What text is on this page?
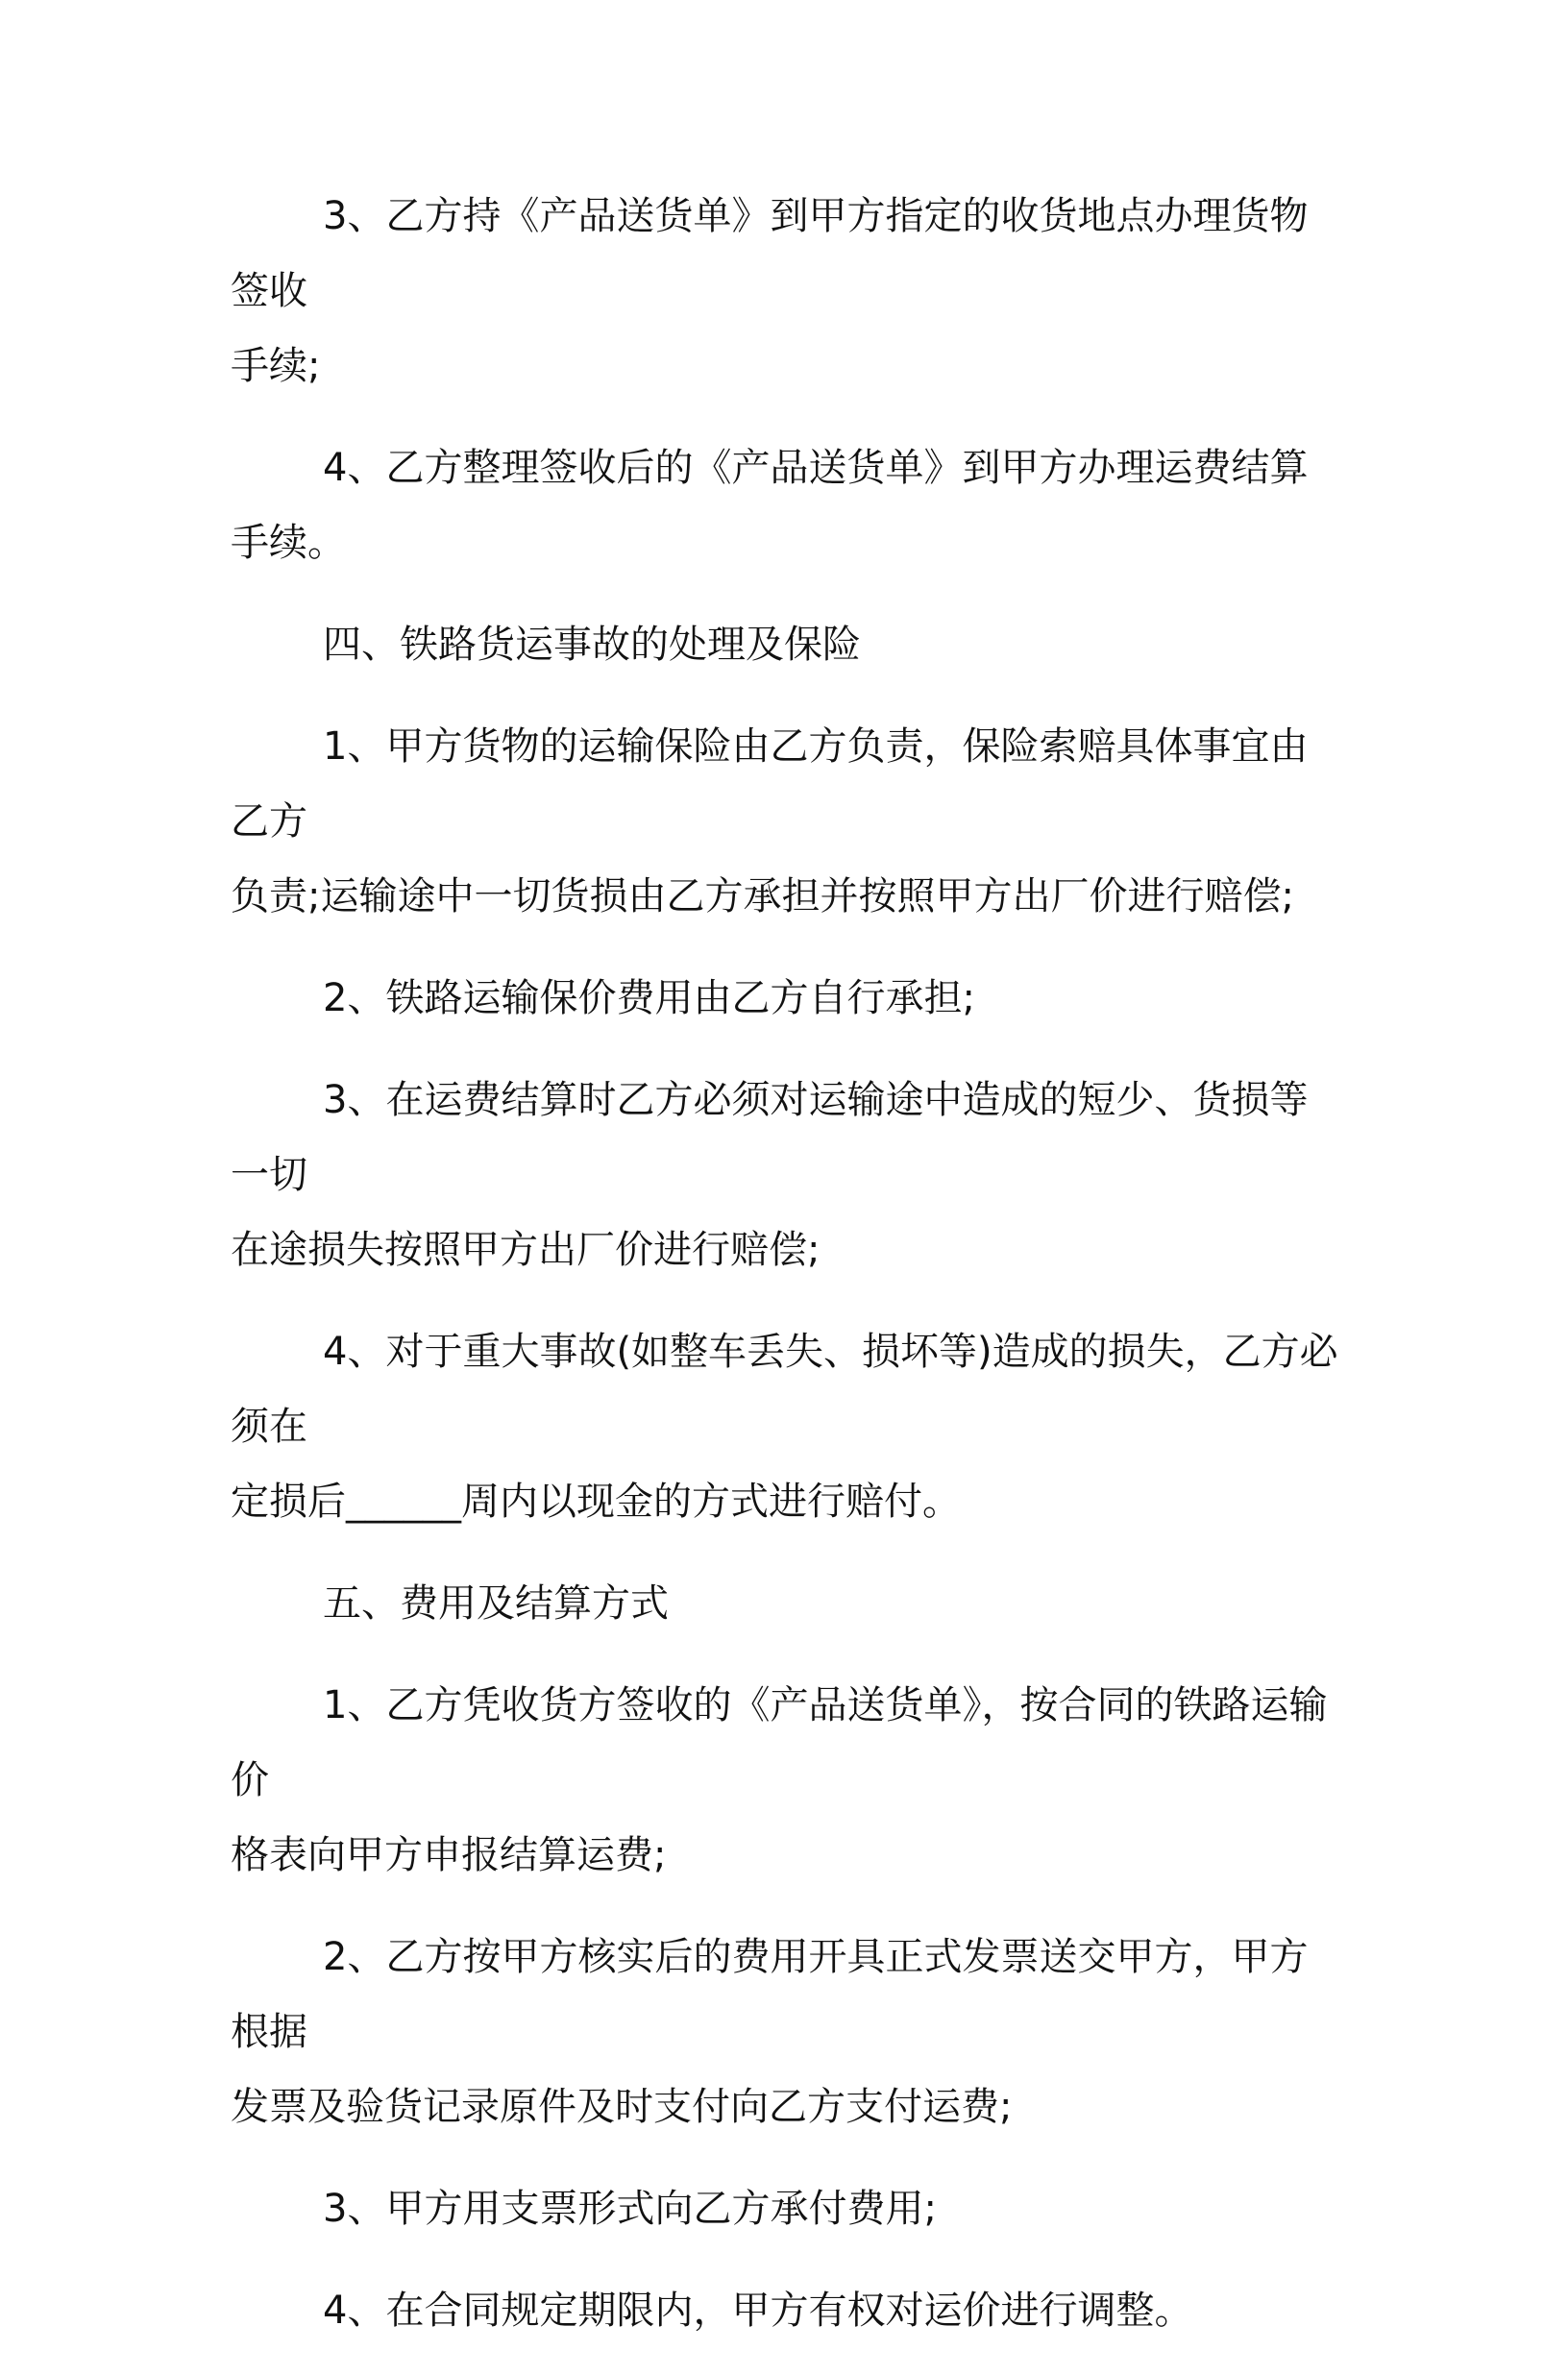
3、乙方持《产品送货单》到甲方指定的收货地点办理货物签收
手续;

4、乙方整理签收后的《产品送货单》到甲方办理运费结算手续。

四、铁路货运事故的处理及保险

1、甲方货物的运输保险由乙方负责，保险索赔具体事宜由乙方
负责;运输途中一切货损由乙方承担并按照甲方出厂价进行赔偿;

2、铁路运输保价费用由乙方自行承担;

3、在运费结算时乙方必须对运输途中造成的短少、货损等一切
在途损失按照甲方出厂价进行赔偿;

4、对于重大事故(如整车丢失、损坏等)造成的损失，乙方必须在
定损后______周内以现金的方式进行赔付。

五、费用及结算方式

1、乙方凭收货方签收的《产品送货单》，按合同的铁路运输价
格表向甲方申报结算运费;

2、乙方按甲方核实后的费用开具正式发票送交甲方，甲方根据
发票及验货记录原件及时支付向乙方支付运费;

3、甲方用支票形式向乙方承付费用;

4、在合同规定期限内，甲方有权对运价进行调整。
